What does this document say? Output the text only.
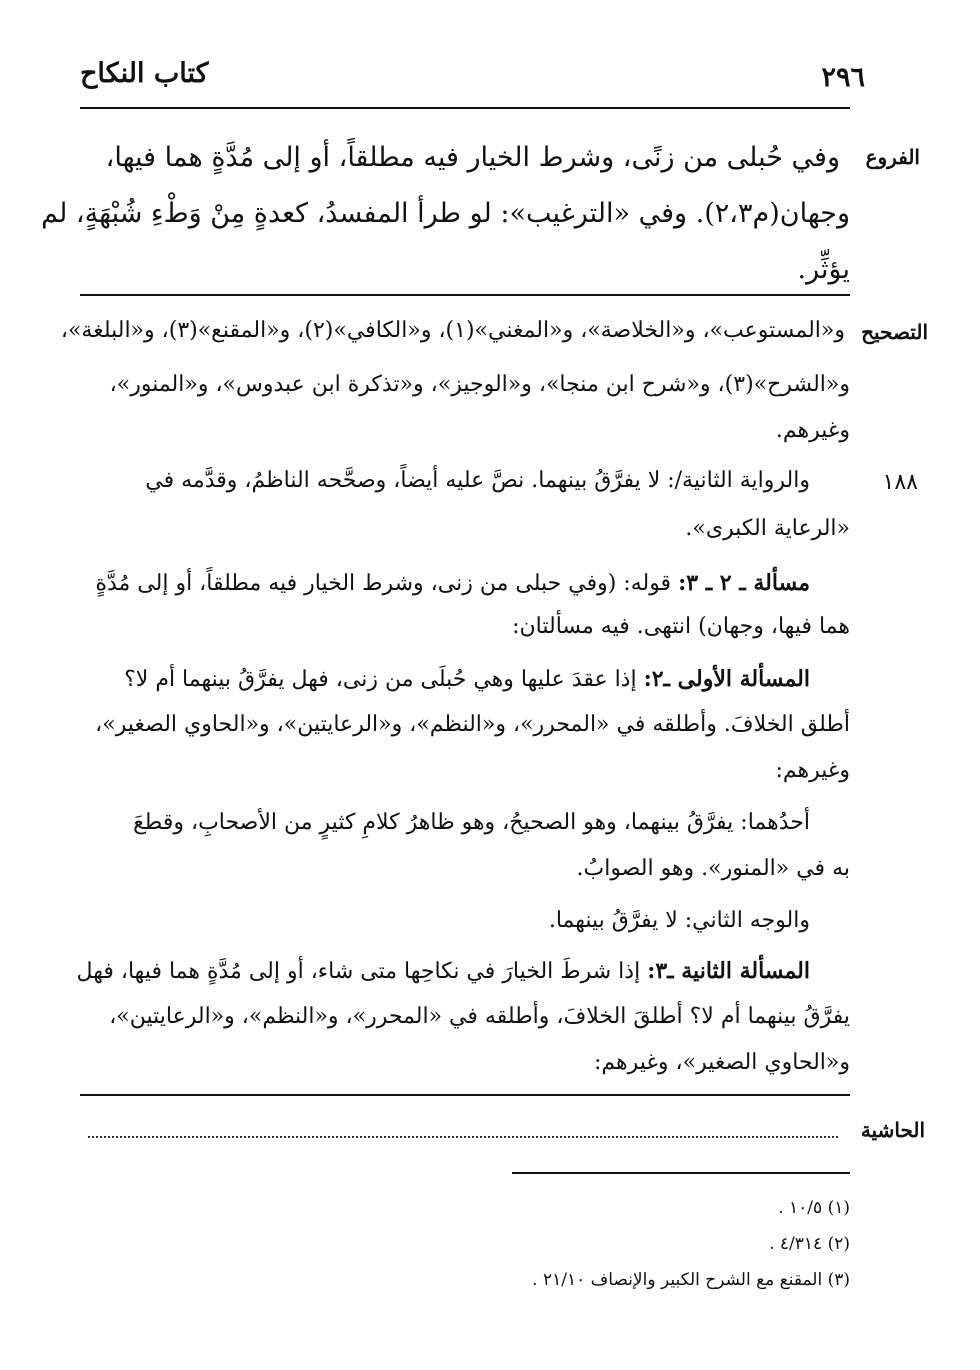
٢٩٦
كتاب النكاح
الفروع
التصحيح
١٨٨
الحاشية
وفي حُبلى من زنًى، وشرط الخيار فيه مطلقاً، أو إلى مُدَّةٍ هما فيها،
وجهان(م٢،٣). وفي «الترغيب»: لو طرأ المفسدُ، كعدةٍ مِنْ وَطْءِ شُبْهَةٍ، لم
يؤثِّر.
و«المستوعب»، و«الخلاصة»، و«المغني»(١)، و«الكافي»(٢)، و«المقنع»(٣)، و«البلغة»،
و«الشرح»(٣)، و«شرح ابن منجا»، و«الوجيز»، و«تذكرة ابن عبدوس»، و«المنور»،
وغيرهم.
والرواية الثانية/: لا يفرَّقُ بينهما. نصَّ عليه أيضاً، وصحَّحه الناظمُ، وقدَّمه في
«الرعاية الكبرى».
مسألة ـ ٢ ـ ٣: قوله: (وفي حبلى من زنى، وشرط الخيار فيه مطلقاً، أو إلى مُدَّةٍ
هما فيها، وجهان) انتهى. فيه مسألتان:
المسألة الأولى ـ٢: إذا عقدَ عليها وهي حُبلَى من زنى، فهل يفرَّقُ بينهما أم لا؟
أطلق الخلافَ. وأطلقه في «المحرر»، و«النظم»، و«الرعايتين»، و«الحاوي الصغير»،
وغيرهم:
أحدُهما: يفرَّقُ بينهما، وهو الصحيحُ، وهو ظاهرُ كلامِ كثيرٍ من الأصحابِ، وقطعَ
به في «المنور». وهو الصوابُ.
والوجه الثاني: لا يفرَّقُ بينهما.
المسألة الثانية ـ٣: إذا شرطَ الخيارَ في نكاحِها متى شاء، أو إلى مُدَّةٍ هما فيها، فهل
يفرَّقُ بينهما أم لا؟ أطلقَ الخلافَ، وأطلقه في «المحرر»، و«النظم»، و«الرعايتين»،
و«الحاوي الصغير»، وغيرهم:
(١) ١٠/٥ .
(٢) ٤/٣١٤ .
(٣) المقنع مع الشرح الكبير والإنصاف ٢١/١٠ .
